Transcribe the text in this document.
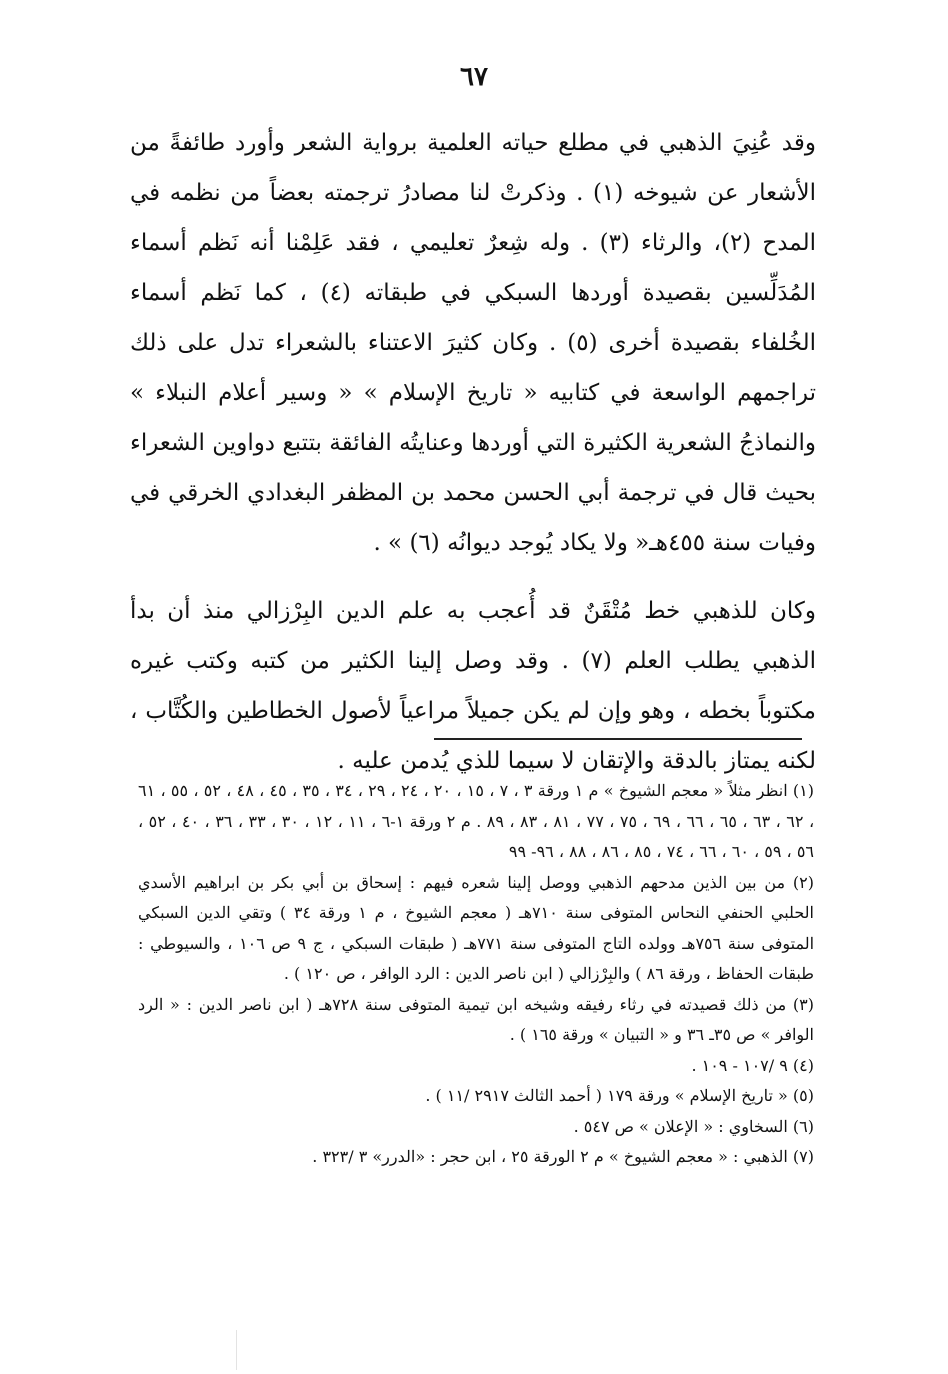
٦٧

وقد عُنِيَ الذهبي في مطلع حياته العلمية برواية الشعر وأورد طائفةً من الأشعار عن شيوخه (١) . وذكرتْ لنا مصادرُ ترجمته بعضاً من نظمه في المدح (٢)، والرثاء (٣) . وله شِعرٌ تعليمي ، فقد عَلِمْنا أنه نَظم أسماء المُدَلِّسين بقصيدة أوردها السبكي في طبقاته (٤) ، كما نَظم أسماء الخُلفاء بقصيدة أخرى (٥) . وكان كثيرَ الاعتناء بالشعراء تدل على ذلك تراجمهم الواسعة في كتابيه « تاريخ الإسلام » « وسير أعلام النبلاء » والنماذجُ الشعرية الكثيرة التي أوردها وعنايتُه الفائقة بتتبع دواوين الشعراء بحيث قال في ترجمة أبي الحسن محمد بن المظفر البغدادي الخرقي في وفيات سنة ٤٥٥هـ« ولا يكاد يُوجد ديوانُه (٦) » .

وكان للذهبي خط مُتْقَنٌ قد أُعجب به علم الدين البِرْزالي منذ أن بدأ الذهبي يطلب العلم (٧) . وقد وصل إلينا الكثير من كتبه وكتب غيره مكتوباً بخطه ، وهو وإن لم يكن جميلاً مراعياً لأصول الخطاطين والكُتَّاب ، لكنه يمتاز بالدقة والإتقان لا سيما للذي يُدمن عليه .

(١) انظر مثلاً « معجم الشيوخ » م ١ ورقة ٣ ، ٧ ، ١٥ ، ٢٠ ، ٢٤ ، ٢٩ ، ٣٤ ، ٣٥ ، ٤٥ ، ٤٨ ، ٥٢ ، ٥٥ ، ٦١ ، ٦٢ ، ٦٣ ، ٦٥ ، ٦٦ ، ٦٩ ، ٧٥ ، ٧٧ ، ٨١ ، ٨٣ ، ٨٩ . م ٢ ورقة ١-٦ ، ١١ ، ١٢ ، ٣٠ ، ٣٣ ، ٣٦ ، ٤٠ ، ٥٢ ، ٥٦ ، ٥٩ ، ٦٠ ، ٦٦ ، ٧٤ ، ٨٥ ، ٨٦ ، ٨٨ ، ٩٦- ٩٩

(٢) من بين الذين مدحهم الذهبي ووصل إلينا شعره فيهم : إسحاق بن أبي بكر بن ابراهيم الأسدي الحلبي الحنفي النحاس المتوفى سنة ٧١٠هـ ( معجم الشيوخ ، م ١ ورقة ٣٤ ) وتقي الدين السبكي المتوفى سنة ٧٥٦هـ وولده التاج المتوفى سنة ٧٧١هـ ( طبقات السبكي ، ج ٩ ص ١٠٦ ، والسيوطي : طبقات الحفاظ ، ورقة ٨٦ ) والبِرْزالي ( ابن ناصر الدين : الرد الوافر ، ص ١٢٠ ) .

(٣) من ذلك قصيدته في رثاء رفيقه وشيخه ابن تيمية المتوفى سنة ٧٢٨هـ ( ابن ناصر الدين : « الرد الوافر » ص ٣٥ـ ٣٦ و « التبيان » ورقة ١٦٥ ) .

(٤) ٩ /١٠٧ - ١٠٩ .

(٥) « تاريخ الإسلام » ورقة ١٧٩ ( أحمد الثالث ٢٩١٧ /١١ ) .

(٦) السخاوي : « الإعلان » ص ٥٤٧ .

(٧) الذهبي : « معجم الشيوخ » م ٢ الورقة ٢٥ ، ابن حجر : «الدرر» ٣ /٣٢٣ .
